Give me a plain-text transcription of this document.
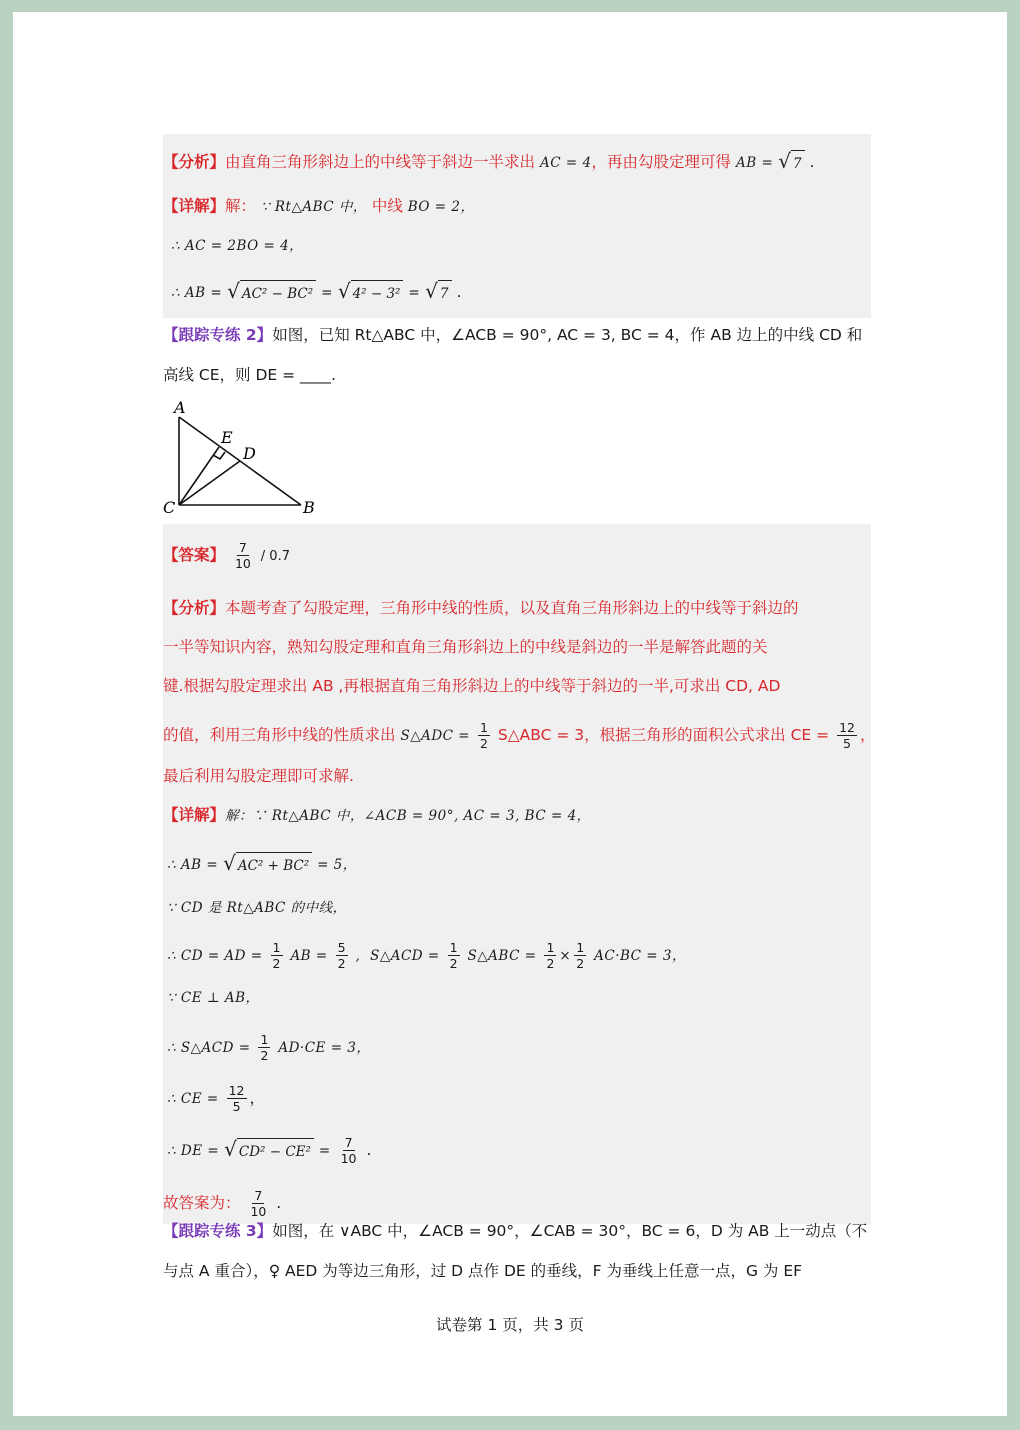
【分析】由直角三角形斜边上的中线等于斜边一半求出 AC = 4，再由勾股定理可得 AB = √ 7 .
【详解】解： ∵ Rt△ABC 中， 中线 BO = 2，
∴ AC = 2BO = 4，
∴ AB = √ AC² − BC² = √ 4² − 3² = √ 7 .
【跟踪专练 2】如图，已知 Rt△ABC 中，∠ACB = 90°, AC = 3, BC = 4，作 AB 边上的中线 CD 和
高线 CE，则 DE = ____.
A
E
D
C	B
【答案】 $\frac{7}{10} / 0.7$
【分析】本题考查了勾股定理，三角形中线的性质，以及直角三角形斜边上的中线等于斜边的
一半等知识内容，熟知勾股定理和直角三角形斜边上的中线是斜边的一半是解答此题的关
键.根据勾股定理求出 AB ,再根据直角三角形斜边上的中线等于斜边的一半,可求出 CD, AD
的值，利用三角形中线的性质求出 S△ADC = $\frac{1}{2}$ S△ABC = 3，根据三角形的面积公式求出 CE = $\frac{12}{5}$ ，
最后利用勾股定理即可求解.
【详解】解：∵ Rt△ABC 中，∠ACB = 90°, AC = 3, BC = 4，
∴ AB = √ AC² + BC² = 5，
∵ CD 是 Rt△ABC 的中线，
∴ CD = AD = $\frac{1}{2}$ AB = $\frac{5}{2}$ ,  S△ACD = $\frac{1}{2}$ S△ABC = $\frac{1}{2} \times \frac{1}{2} AC\cdot BC = 3$，
∵ CE ⊥ AB，
∴ S△ACD = $\frac{1}{2} AD\cdot CE = 3$，
∴ CE = $\frac{12}{5}$ ，
∴ DE = √ $CD^2 - CE^2 = \frac{7}{10}$ .
故答案为： $\frac{7}{10}$ .
【跟踪专练 3】如图，在 ∨ABC 中，∠ACB = 90°，∠CAB = 30°，BC = 6，D 为 AB 上一动点（不
与点 A 重合），♀ AED 为等边三角形，过 D 点作 DE 的垂线，F 为垂线上任意一点，G 为 EF
试卷第 1 页，共 3 页
